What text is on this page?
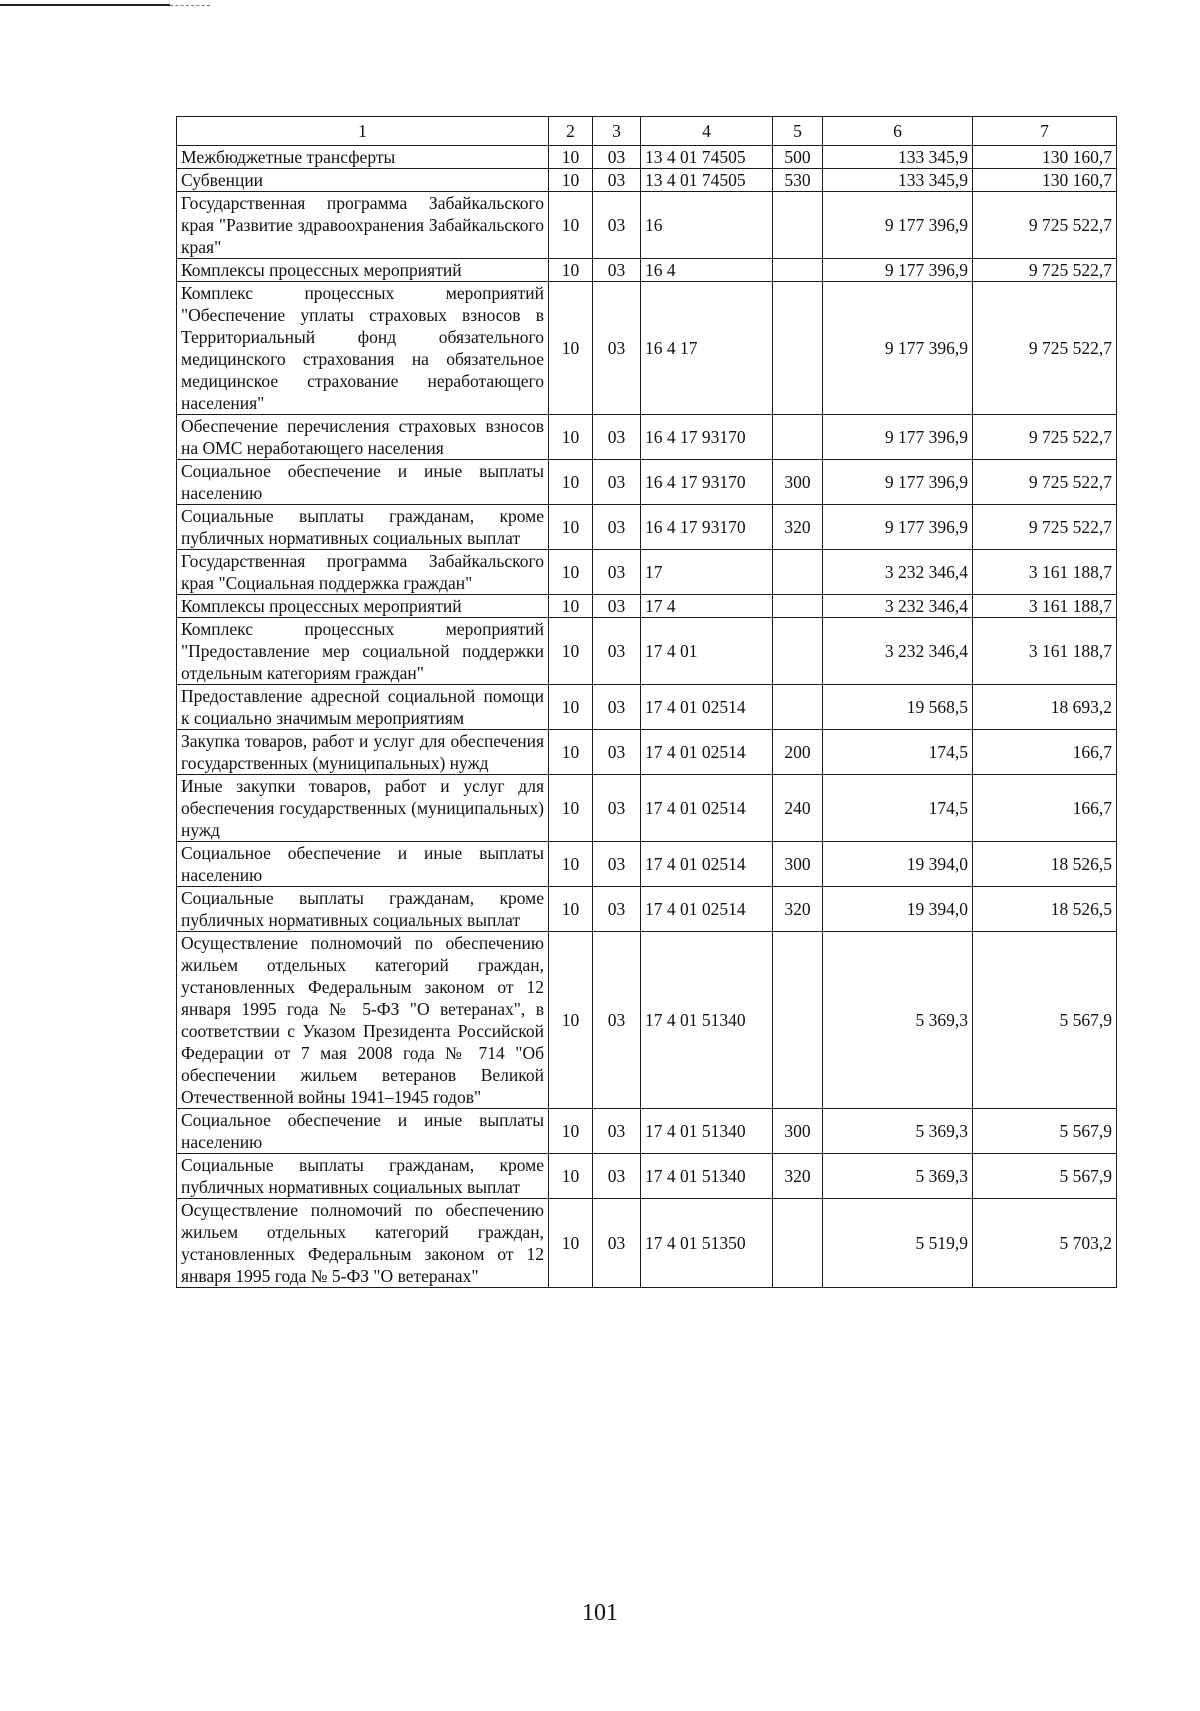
1	2	3	4	5	6	7
Межбюджетные трансферты	10	03	13 4 01 74505	500	133 345,9	130 160,7
Субвенции	10	03	13 4 01 74505	530	133 345,9	130 160,7
Государственная программа Забайкальского края "Развитие здравоохранения Забайкальского края"	10	03	16		9 177 396,9	9 725 522,7
Комплексы процессных мероприятий	10	03	16 4		9 177 396,9	9 725 522,7
Комплекс процессных мероприятий "Обеспечение уплаты страховых взносов в Территориальный фонд обязательного медицинского страхования на обязательное медицинское страхование неработающего населения"	10	03	16 4 17		9 177 396,9	9 725 522,7
Обеспечение перечисления страховых взносов на ОМС неработающего населения	10	03	16 4 17 93170		9 177 396,9	9 725 522,7
Социальное обеспечение и иные выплаты населению	10	03	16 4 17 93170	300	9 177 396,9	9 725 522,7
Социальные выплаты гражданам, кроме публичных нормативных социальных выплат	10	03	16 4 17 93170	320	9 177 396,9	9 725 522,7
Государственная программа Забайкальского края "Социальная поддержка граждан"	10	03	17		3 232 346,4	3 161 188,7
Комплексы процессных мероприятий	10	03	17 4		3 232 346,4	3 161 188,7
Комплекс процессных мероприятий "Предоставление мер социальной поддержки отдельным категориям граждан"	10	03	17 4 01		3 232 346,4	3 161 188,7
Предоставление адресной социальной помощи к социально значимым мероприятиям	10	03	17 4 01 02514		19 568,5	18 693,2
Закупка товаров, работ и услуг для обеспечения государственных (муниципальных) нужд	10	03	17 4 01 02514	200	174,5	166,7
Иные закупки товаров, работ и услуг для обеспечения государственных (муниципальных) нужд	10	03	17 4 01 02514	240	174,5	166,7
Социальное обеспечение и иные выплаты населению	10	03	17 4 01 02514	300	19 394,0	18 526,5
Социальные выплаты гражданам, кроме публичных нормативных социальных выплат	10	03	17 4 01 02514	320	19 394,0	18 526,5
Осуществление полномочий по обеспечению жильем отдельных категорий граждан, установленных Федеральным законом от 12 января 1995 года № 5-ФЗ "О ветеранах", в соответствии с Указом Президента Российской Федерации от 7 мая 2008 года № 714 "Об обеспечении жильем ветеранов Великой Отечественной войны 1941–1945 годов"	10	03	17 4 01 51340		5 369,3	5 567,9
Социальное обеспечение и иные выплаты населению	10	03	17 4 01 51340	300	5 369,3	5 567,9
Социальные выплаты гражданам, кроме публичных нормативных социальных выплат	10	03	17 4 01 51340	320	5 369,3	5 567,9
Осуществление полномочий по обеспечению жильем отдельных категорий граждан, установленных Федеральным законом от 12 января 1995 года № 5-ФЗ "О ветеранах"	10	03	17 4 01 51350		5 519,9	5 703,2
101
